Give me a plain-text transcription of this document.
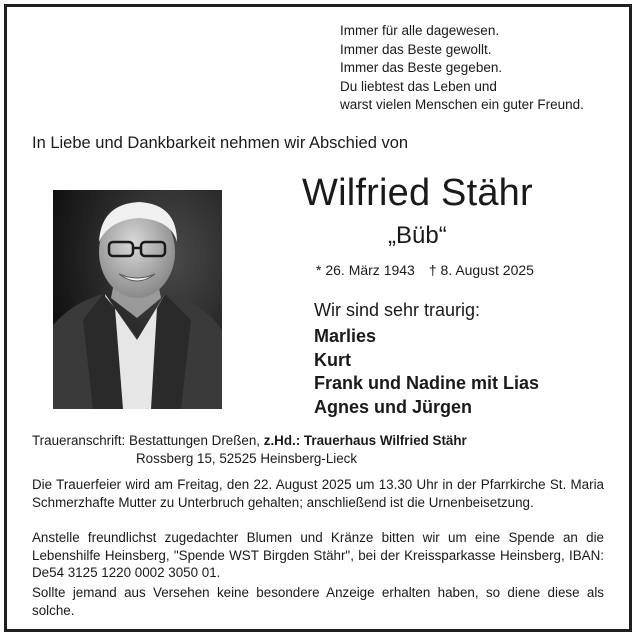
Immer für alle dagewesen.
Immer das Beste gewollt.
Immer das Beste gegeben.
Du liebtest das Leben und
warst vielen Menschen ein guter Freund.
In Liebe und Dankbarkeit nehmen wir Abschied von
Wilfried Stähr
„Büb“
* 26. März 1943 † 8. August 2025
Wir sind sehr traurig:
Marlies
Kurt
Frank und Nadine mit Lias
Agnes und Jürgen
Traueranschrift: Bestattungen Dreßen, z.Hd.: Trauerhaus Wilfried Stähr
Rossberg 15, 52525 Heinsberg-Lieck
Die Trauerfeier wird am Freitag, den 22. August 2025 um 13.30 Uhr in der Pfarrkirche St. Maria Schmerzhafte Mutter zu Unterbruch gehalten; anschließend ist die Urnenbeisetzung.
Anstelle freundlichst zugedachter Blumen und Kränze bitten wir um eine Spende an die Lebenshilfe Heinsberg, "Spende WST Birgden Stähr", bei der Kreissparkasse Heinsberg, IBAN: De54 3125 1220 0002 3050 01.
Sollte jemand aus Versehen keine besondere Anzeige erhalten haben, so diene diese als solche.
